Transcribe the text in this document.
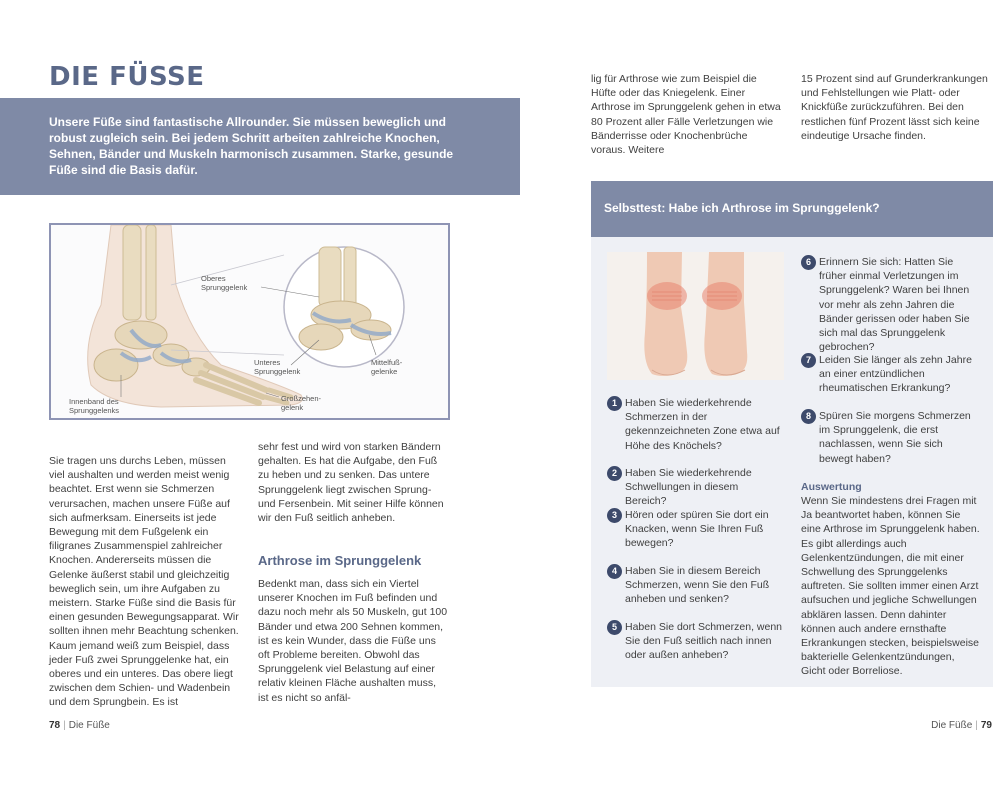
DIE FÜSSE
Unsere Füße sind fantastische Allrounder. Sie müssen beweglich und robust zugleich sein. Bei jedem Schritt arbeiten zahlreiche Knochen, Sehnen, Bänder und Muskeln harmonisch zusammen. Starke, gesunde Füße sind die Basis dafür.
Oberes
Sprunggelenk
Unteres
Sprunggelenk
Mittelfuß-
gelenke
Innenband des
Sprunggelenks
Großzehen-
gelenk
Sie tragen uns durchs Leben, müssen viel aushalten und werden meist wenig beachtet. Erst wenn sie Schmerzen verursachen, machen unsere Füße auf sich aufmerksam. Einerseits ist jede Bewegung mit dem Fußgelenk ein filigranes Zusammenspiel zahlreicher Knochen. Andererseits müssen die Gelenke äußerst stabil und gleichzeitig beweglich sein, um ihre Aufgaben zu meistern. Starke Füße sind die Basis für einen gesunden Bewegungsapparat. Wir sollten ihnen mehr Beachtung schenken. Kaum jemand weiß zum Beispiel, dass jeder Fuß zwei Sprunggelenke hat, ein oberes und ein unteres. Das obere liegt zwischen dem Schien- und Wadenbein und dem Sprungbein. Es ist
sehr fest und wird von starken Bändern gehalten. Es hat die Aufgabe, den Fuß zu heben und zu senken. Das untere Sprunggelenk liegt zwischen Sprung- und Fersenbein. Mit seiner Hilfe können wir den Fuß seitlich anheben.
Arthrose im Sprunggelenk
Bedenkt man, dass sich ein Viertel unserer Knochen im Fuß befinden und dazu noch mehr als 50 Muskeln, gut 100 Bänder und etwa 200 Sehnen kommen, ist es kein Wunder, dass die Füße uns oft Probleme bereiten. Obwohl das Sprunggelenk viel Belastung auf einer relativ kleinen Fläche aushalten muss, ist es nicht so anfäl-
lig für Arthrose wie zum Beispiel die Hüfte oder das Kniegelenk. Einer Arthrose im Sprunggelenk gehen in etwa 80 Prozent aller Fälle Verletzungen wie Bänderrisse oder Knochenbrüche voraus. Weitere
15 Prozent sind auf Grunderkrankungen und Fehlstellungen wie Platt- oder Knickfüße zurückzuführen. Bei den restlichen fünf Prozent lässt sich keine eindeutige Ursache finden.
Selbsttest: Habe ich Arthrose im Sprunggelenk?
1 Haben Sie wiederkehrende Schmerzen in der gekennzeichneten Zone etwa auf Höhe des Knöchels?
2 Haben Sie wiederkehrende Schwellungen in diesem Bereich?
3 Hören oder spüren Sie dort ein Knacken, wenn Sie Ihren Fuß bewegen?
4 Haben Sie in diesem Bereich Schmerzen, wenn Sie den Fuß anheben und senken?
5 Haben Sie dort Schmerzen, wenn Sie den Fuß seitlich nach innen oder außen anheben?
6 Erinnern Sie sich: Hatten Sie früher einmal Verletzungen im Sprunggelenk? Waren bei Ihnen vor mehr als zehn Jahren die Bänder gerissen oder haben Sie sich mal das Sprunggelenk gebrochen?
7 Leiden Sie länger als zehn Jahre an einer entzündlichen rheumatischen Erkrankung?
8 Spüren Sie morgens Schmerzen im Sprunggelenk, die erst nachlassen, wenn Sie sich bewegt haben?
Auswertung
Wenn Sie mindestens drei Fragen mit Ja beantwortet haben, können Sie eine Arthrose im Sprunggelenk haben. Es gibt allerdings auch Gelenkentzündungen, die mit einer Schwellung des Sprunggelenks auftreten. Sie sollten immer einen Arzt aufsuchen und jegliche Schwellungen abklären lassen. Denn dahinter können auch andere ernsthafte Erkrankungen stecken, beispielsweise bakterielle Gelenkentzündungen, Gicht oder Borreliose.
78 | Die Füße	Die Füße | 79
